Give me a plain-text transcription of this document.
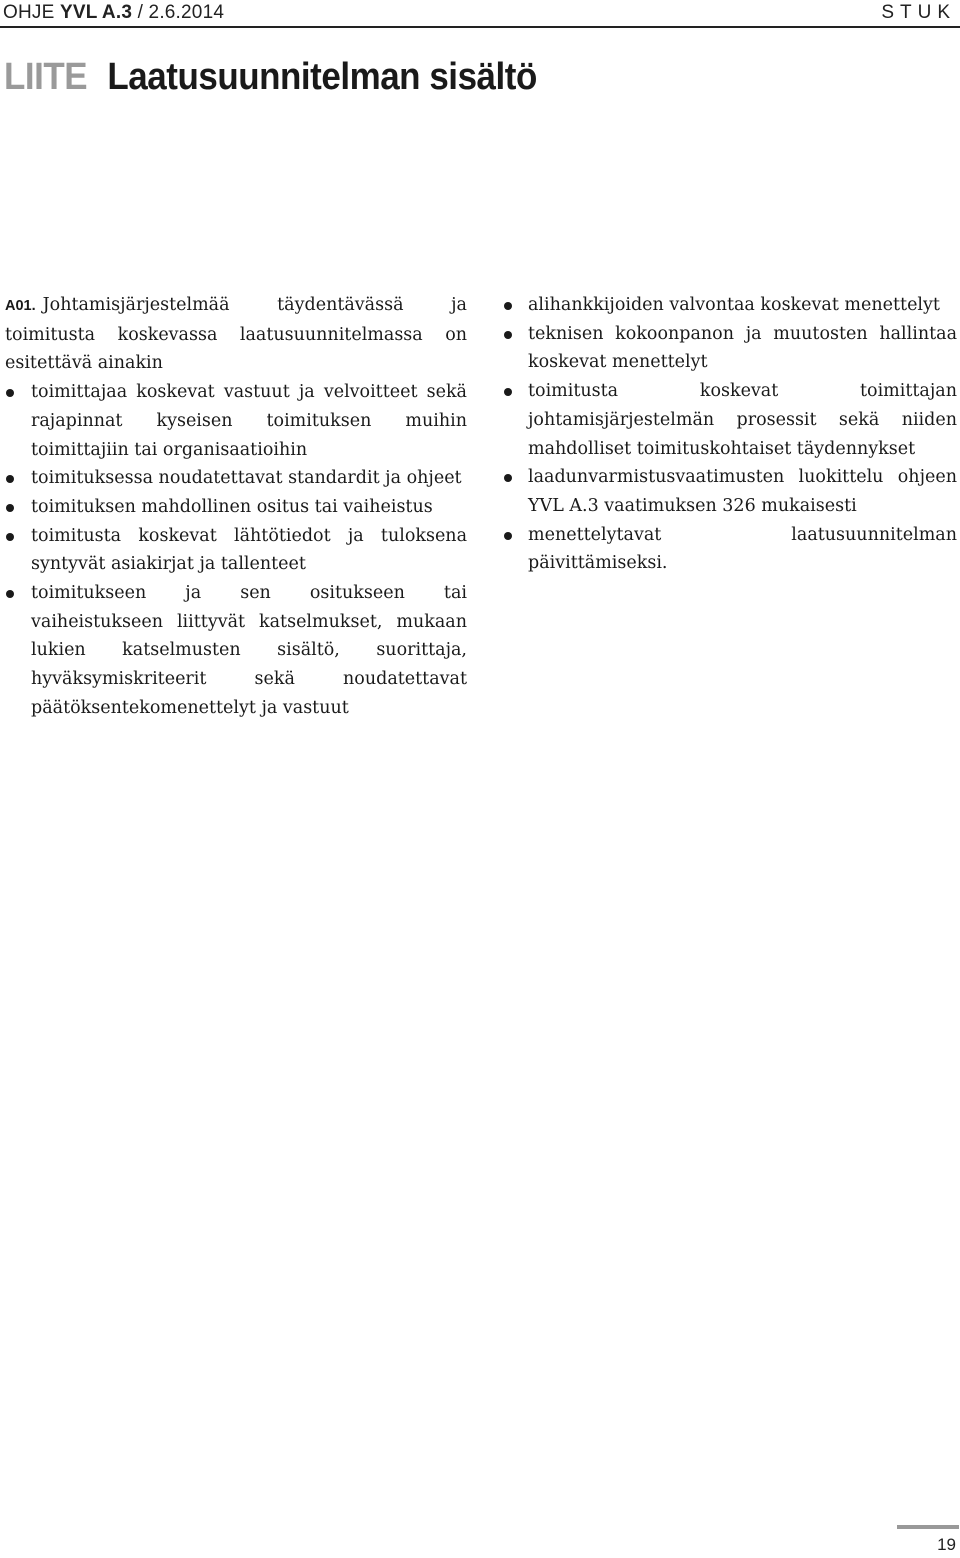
OHJE YVL A.3 / 2.6.2014	STUK
LIITE Laatusuunnitelman sisältö

A01. Johtamisjärjestelmää täydentävässä ja toimitusta koskevassa laatusuunnitelmassa on esitettävä ainakin

toimittajaa koskevat vastuut ja velvoitteet sekä rajapinnat kyseisen toimituksen muihin toimittajiin tai organisaatioihin
toimituksessa noudatettavat standardit ja ohjeet
toimituksen mahdollinen ositus tai vaiheistus
toimitusta koskevat lähtötiedot ja tuloksena syntyvät asiakirjat ja tallenteet
toimitukseen ja sen ositukseen tai vaiheistukseen liittyvät katselmukset, mukaan lukien katselmusten sisältö, suorittaja, hyväksymiskriteerit sekä noudatettavat päätöksentekomenettelyt ja vastuut
alihankkijoiden valvontaa koskevat menettelyt
teknisen kokoonpanon ja muutosten hallintaa koskevat menettelyt
toimitusta koskevat toimittajan johtamisjärjestelmän prosessit sekä niiden mahdolliset toimituskohtaiset täydennykset
laadunvarmistusvaatimusten luokittelu ohjeen YVL A.3 vaatimuksen 326 mukaisesti
menettelytavat laatusuunnitelman päivittämiseksi.
19
